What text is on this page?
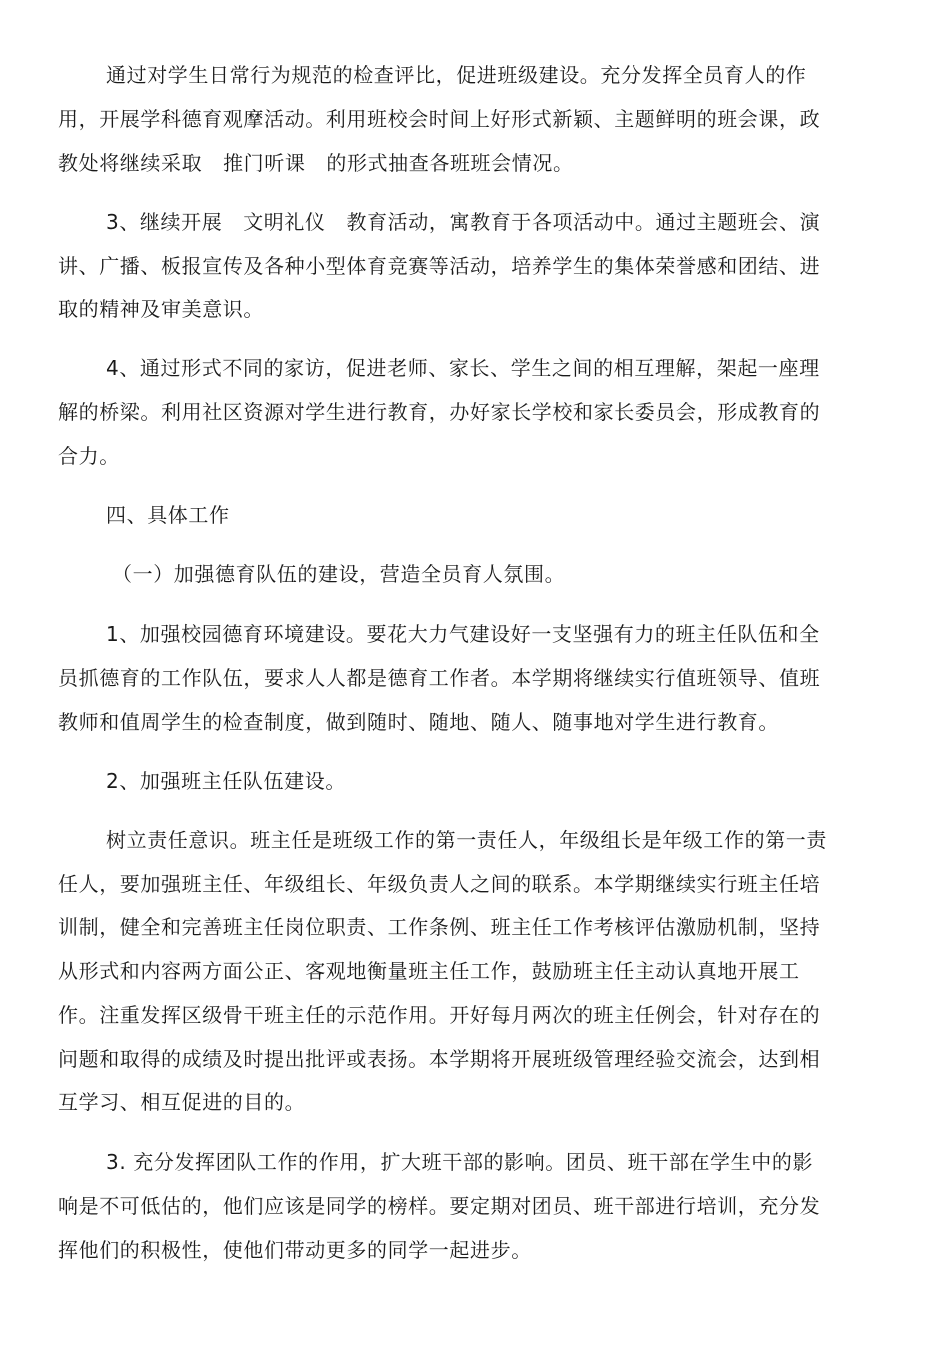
通过对学生日常行为规范的检查评比，促进班级建设。充分发挥全员育人的作
用，开展学科德育观摩活动。利用班校会时间上好形式新颖、主题鲜明的班会课，政
教处将继续采取   推门听课   的形式抽查各班班会情况。
3、继续开展   文明礼仪   教育活动，寓教育于各项活动中。通过主题班会、演
讲、广播、板报宣传及各种小型体育竞赛等活动，培养学生的集体荣誉感和团结、进
取的精神及审美意识。
4、通过形式不同的家访，促进老师、家长、学生之间的相互理解，架起一座理
解的桥梁。利用社区资源对学生进行教育，办好家长学校和家长委员会，形成教育的
合力。
四、具体工作
（一）加强德育队伍的建设，营造全员育人氛围。
1、加强校园德育环境建设。要花大力气建设好一支坚强有力的班主任队伍和全
员抓德育的工作队伍，要求人人都是德育工作者。本学期将继续实行值班领导、值班
教师和值周学生的检查制度，做到随时、随地、随人、随事地对学生进行教育。
2、加强班主任队伍建设。
树立责任意识。班主任是班级工作的第一责任人，年级组长是年级工作的第一责
任人，要加强班主任、年级组长、年级负责人之间的联系。本学期继续实行班主任培
训制，健全和完善班主任岗位职责、工作条例、班主任工作考核评估激励机制，坚持
从形式和内容两方面公正、客观地衡量班主任工作，鼓励班主任主动认真地开展工
作。注重发挥区级骨干班主任的示范作用。开好每月两次的班主任例会，针对存在的
问题和取得的成绩及时提出批评或表扬。本学期将开展班级管理经验交流会，达到相
互学习、相互促进的目的。
3. 充分发挥团队工作的作用，扩大班干部的影响。团员、班干部在学生中的影
响是不可低估的，他们应该是同学的榜样。要定期对团员、班干部进行培训，充分发
挥他们的积极性，使他们带动更多的同学一起进步。
